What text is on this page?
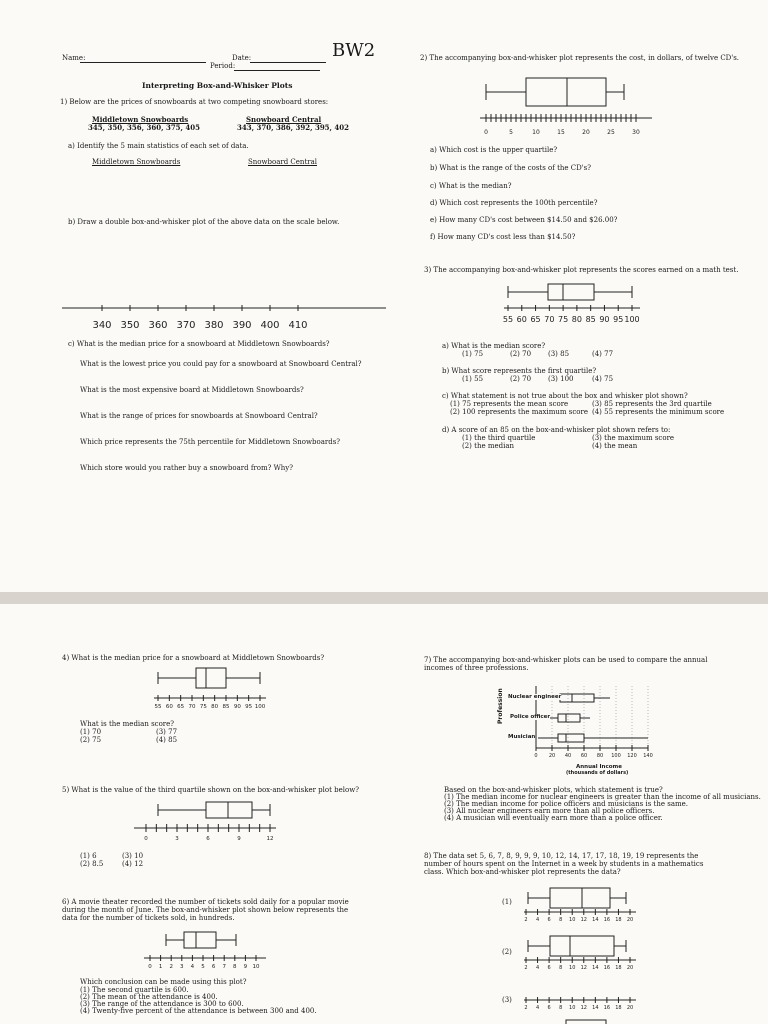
Name:	Date:
Period:
BW2
Interpreting Box-and-Whisker Plots
1) Below are the prices of snowboards at two competing snowboard stores:
Middletown Snowboards
345, 350, 356, 360, 375, 405
Snowboard Central
343, 370, 386, 392, 395, 402
a) Identify the 5 main statistics of each set of data.
Middletown Snowboards	Snowboard Central
b) Draw a double box-and-whisker plot of the above data on the scale below.
340 350 360 370 380 390 400 410
c) What is the median price for a snowboard at Middletown Snowboards?
What is the lowest price you could pay for a snowboard at Snowboard Central?
What is the most expensive board at Middletown Snowboards?
What is the range of prices for snowboards at Snowboard Central?
Which price represents the 75th percentile for Middletown Snowboards?
Which store would you rather buy a snowboard from? Why?
2) The accompanying box-and-whisker plot represents the cost, in dollars, of twelve CD's.
0	5	10	15	20	25	30
a) Which cost is the upper quartile?
b) What is the range of the costs of the CD's?
c) What is the median?
d) Which cost represents the 100th percentile?
e) How many CD's cost between $14.50 and $26.00?
f) How many CD's cost less than $14.50?
3) The accompanying box-and-whisker plot represents the scores earned on a math test.
55 60 65 70 75 80 85 90 95 100
a) What is the median score?
(1) 75	(2) 70 (3) 85	(4) 77
b) What score represents the first quartile?
(1) 55	(2) 70 (3) 100	(4) 75
c) What statement is not true about the box and whisker plot shown?
(1) 75 represents the mean score	(3) 85 represents the 3rd quartile
(2) 100 represents the maximum score (4) 55 represents the minimum score
d) A score of an 85 on the box-and-whisker plot shown refers to:
(1) the third quartile	(3) the maximum score
(2) the median	(4) the mean
4) What is the median price for a snowboard at Middletown Snowboards?
55 60 65 70 75 80 85 90 95 100
What is the median score?
(1) 70	(3) 77
(2) 75	(4) 85
5) What is the value of the third quartile shown on the box-and-whisker plot below?
0	3	6	9	12
(1) 6	(3) 10
(2) 8.5	(4) 12
6) A movie theater recorded the number of tickets sold daily for a popular movie during the month of June. The box-and-whisker plot shown below represents the data for the number of tickets sold, in hundreds.
0 1 2 3 4 5 6 7 8 9 10
Which conclusion can be made using this plot?
(1) The second quartile is 600.
(2) The mean of the attendance is 400.
(3) The range of the attendance is 300 to 600.
(4) Twenty-five percent of the attendance is between 300 and 400.
7) The accompanying box-and-whisker plots can be used to compare the annual incomes of three professions.
0 20 40 60 80 100 120 140
Profession Nuclear engineer
Police officer
Musician
Annual Income
(thousands of dollars)
Based on the box-and-whisker plots, which statement is true?
(1) The median income for nuclear engineers is greater than the income of all musicians.
(2) The median income for police officers and musicians is the same.
(3) All nuclear engineers earn more than all police officers.
(4) A musician will eventually earn more than a police officer.
8) The data set 5, 6, 7, 8, 9, 9, 9, 10, 12, 14, 17, 17, 18, 19, 19 represents the number of hours spent on the Internet in a week by students in a mathematics class. Which box-and-whisker plot represents the data?
(1)
2 4 6 8 10 12 14 16 18 20
(2)
2 4 6 8 10 12 14 16 18 20
(3)
2 4 6 8 10 12 14 16 18 20
